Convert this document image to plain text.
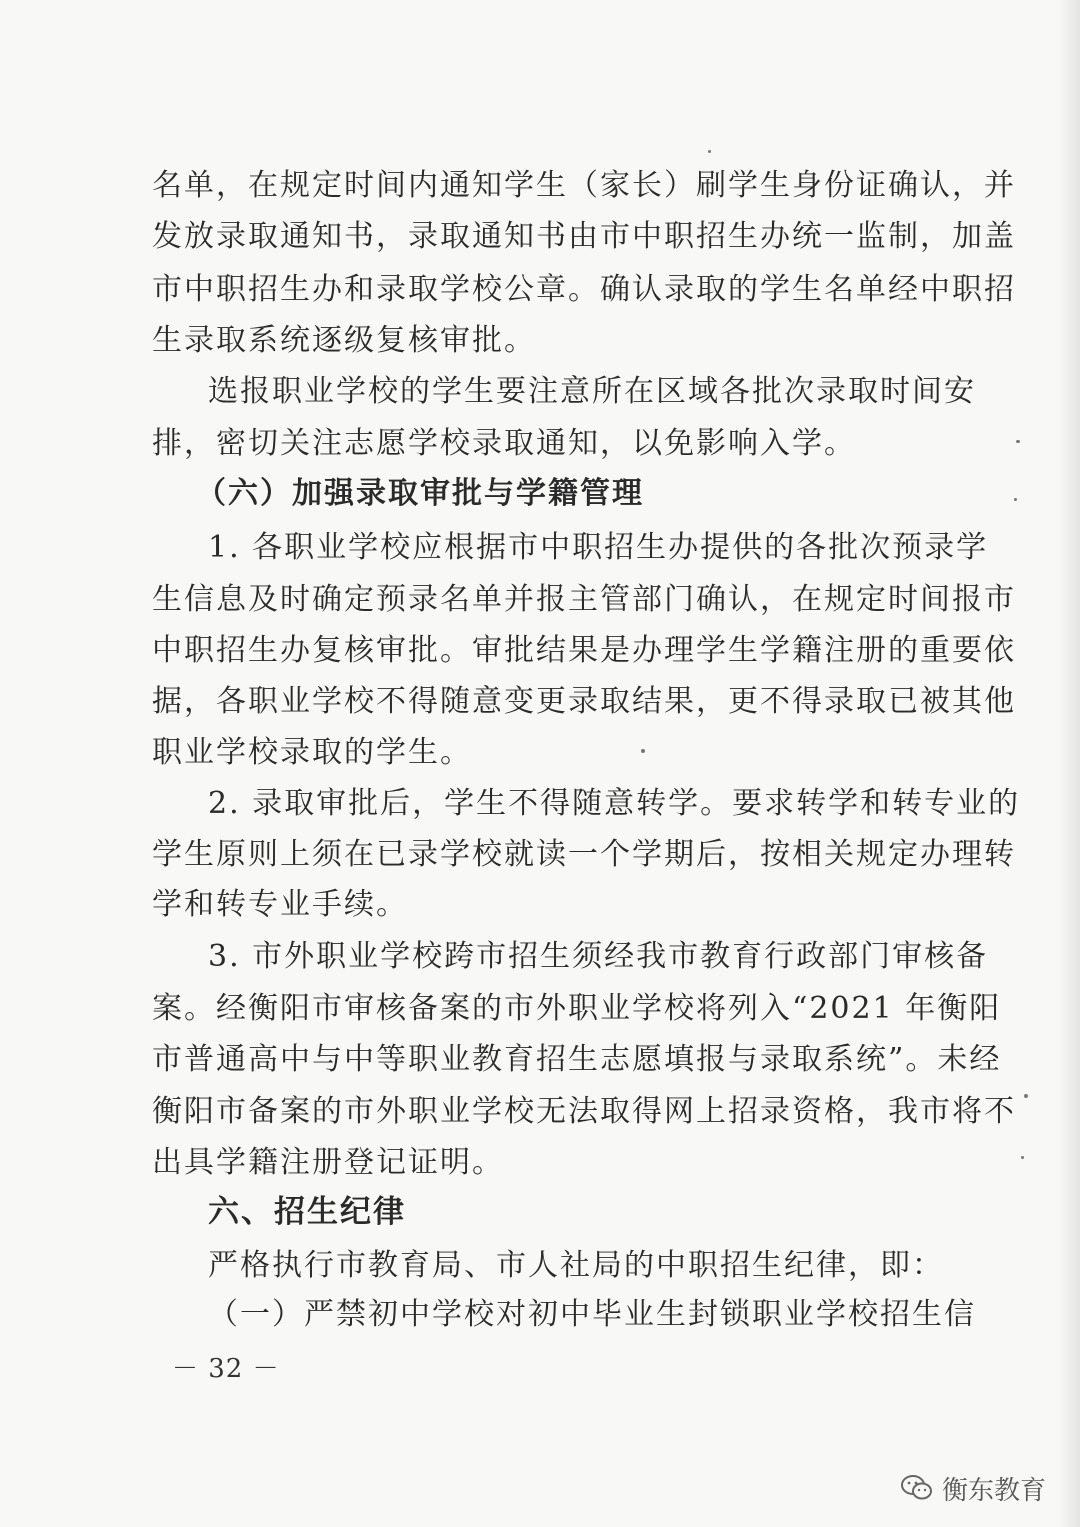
名单，在规定时间内通知学生（家长）刷学生身份证确认，并
发放录取通知书，录取通知书由市中职招生办统一监制，加盖
市中职招生办和录取学校公章。确认录取的学生名单经中职招
生录取系统逐级复核审批。
选报职业学校的学生要注意所在区域各批次录取时间安
排，密切关注志愿学校录取通知，以免影响入学。
（六）加强录取审批与学籍管理
1. 各职业学校应根据市中职招生办提供的各批次预录学
生信息及时确定预录名单并报主管部门确认，在规定时间报市
中职招生办复核审批。审批结果是办理学生学籍注册的重要依
据，各职业学校不得随意变更录取结果，更不得录取已被其他
职业学校录取的学生。
2. 录取审批后，学生不得随意转学。要求转学和转专业的
学生原则上须在已录学校就读一个学期后，按相关规定办理转
学和转专业手续。
3. 市外职业学校跨市招生须经我市教育行政部门审核备
案。经衡阳市审核备案的市外职业学校将列入“2021 年衡阳
市普通高中与中等职业教育招生志愿填报与录取系统”。未经
衡阳市备案的市外职业学校无法取得网上招录资格，我市将不
出具学籍注册登记证明。
六、招生纪律
严格执行市教育局、市人社局的中职招生纪律，即：
（一）严禁初中学校对初中毕业生封锁职业学校招生信
－ 32 －
衡东教育
